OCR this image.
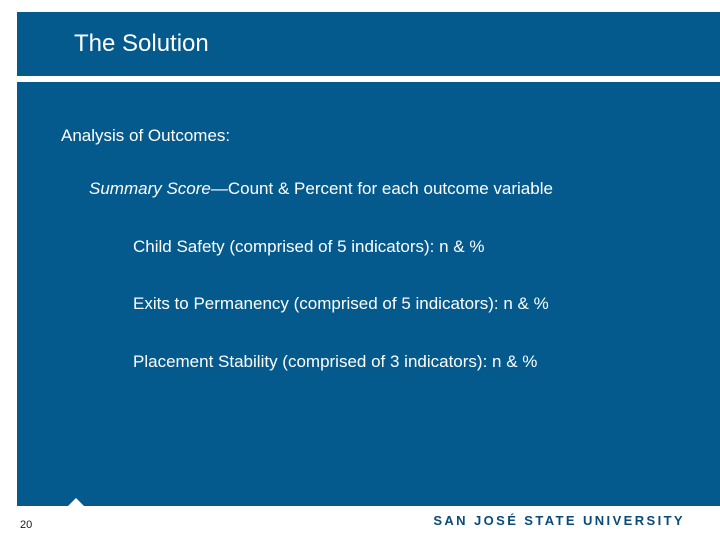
The Solution
Analysis of Outcomes:
Summary Score—Count & Percent for each outcome variable
Child Safety (comprised of 5 indicators): n & %
Exits to Permanency (comprised of 5 indicators): n & %
Placement Stability (comprised of 3 indicators): n & %
20	SAN JOSÉ STATE UNIVERSITY
